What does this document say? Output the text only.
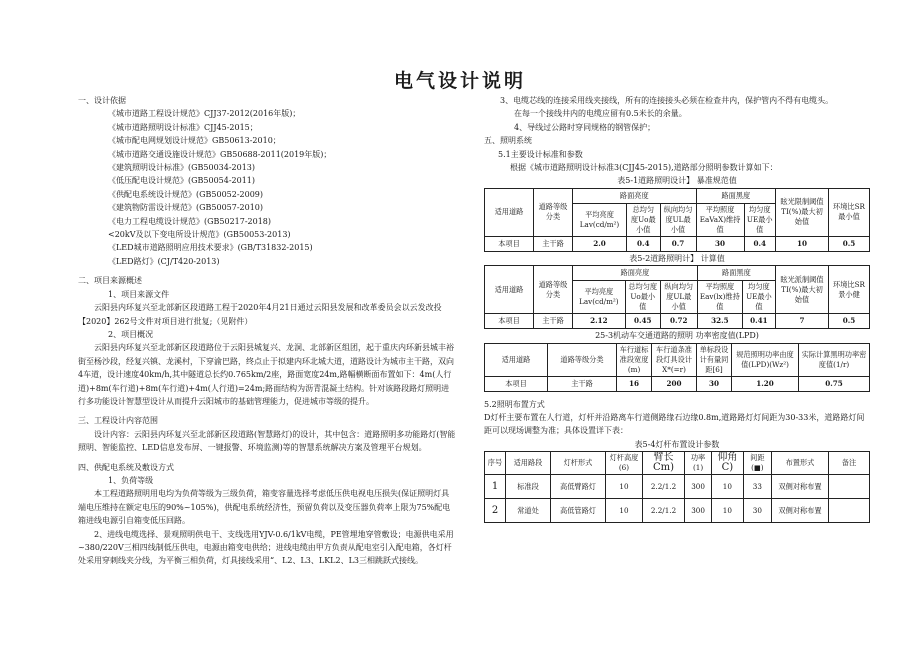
电气设计说明
一、设计依据
《城市道路工程设计规范》CJJ37-2012(2016年版)；
《城市道路照明设计标准》CJJ45-2015；
《城市配电网规划设计规范》GB50613-2010；
《城市道路交通设施设计规范》GB50688-2011(2019年版)；
《建筑照明设计标准》(GB50034-2013)
《低压配电设计规范》(GB50054-2011)
《供配电系统设计规范》(GB50052-2009)
《建筑物防雷设计规范》(GB50057-2010)
《电力工程电缆设计规范》(GB50217-2018)
<20kV及以下变电所设计规范》(GB50053-2013)
《LED城市道路照明应用技术要求》(GB/T31832-2015)
《LED路灯》(CJ/T420-2013)
二、项目来源概述
1、项目来源文件
云阳县内环复兴至北部新区段道路工程于2020年4月21日通过云阳县发展和改革委员会以云发改投【2020】262号文件对项目进行批复;（见附件）
2、项目概况
云阳县内环复兴至北部新区段道路位于云阳县城复兴、龙洞、北部新区组团，起于重庆内环新县城丰裕街至杨沙段，经复兴镇、龙溪村，下穿渝巴路，终点止于拟建内环北城大道，道路设计为城市主干路，双向4车道，设计速度40km/h,其中隧道总长约0.765km/2座，路面宽度24m,路幅横断面布置如下：4m(人行道)+8m(车行道)+8m(车行道)+4m(人行道)=24m;路面结构为沥青混凝土结构。针对该路段路灯照明进行多功能设计智慧型设计从而提升云阳城市的基础管理能力，促进城市等级的提升。
三、工程设计内容范围
设计内容：云阳县内环复兴至北部新区段道路(智慧路灯)的设计，其中包含：道路照明多功能路灯(智能照明、智能监控、LED信息发布屏、一键报警、环境监测)等的智慧系统解决方案及管理平台规划。
四、供配电系统及敷设方式
1、负荷等级
本工程道路照明用电均为负荷等级为三级负荷，箱变容量选择考虑低压供电视电压损失(保证照明灯具端电压维持在额定电压的90%~105%)，供配电系统经济性，预留负荷以及变压器负荷率上限为75%配电箱进线电源引自箱变低压回路。
2、进线电缆选择、景观照明供电干、支线选用YJV-0.6/1kV电缆，PE管埋地穿管敷设；电源供电采用~380/220V三相四线制低压供电，电源由箱变电供给；进线电缆由甲方负责从配电室引入配电箱，各灯杆处采用穿刺线夹分线，为平衡三相负荷，灯具接线采用“、L2、L3、LKL2、L3三相跳跃式接线。
3、电缆芯线的连接采用线夹接线，所有的连接接头必须在检查井内，保护管内不得有电缆头。
在每一个接线井内的电缆应留有0.5米长的余量。
4、导线过公路时穿同规格的钢管保护；
五、照明系统
5.1主要设计标准和参数
根据《城市道路照明设计标准3(CJJ45-2015),道路部分照明参数计算如下：
表5-1道路照明设计】 暴准规范值
适用道路	道路等级分类	路面亮度			路面黑度		眩光限制阈值TI(%)最大初始值	环境比SR最小值
		平均亮度Lav(cd/m²)	总均匀度Uo最小值	纵向均匀度UL最小值	平均照度EaVaX)维持值	均匀度UE最小值		
本项目	主干路	2.0	0.4	0.7	30	0.4	10	0.5
表5-2道路照明计】 计算值
适用道路	道路等级分类	路面亮度			路面黑度		眩光派制阈值TI(%)最大初始值	环境比SR景小健
		平均亮度Lav(cd/m²)	总均匀度Uo最小值	纵向均匀度UL最小值	平均照度Eav(lx)维持值	均匀度UE最小值		
本项目	主干路	2.12	0.45	0.72	32.5	0.41	7	0.5
25-3机动车交通道路的照明 功率密度值(LPD)
适用道路	道路等级分类	车行道标准段宽度(m)	车行道条准段灯具设计Ⅹ*(=r)	单标段设计有量同距[6]	规范照明功率由度值(LPD)(Wz²)	实际计算黑明功率密度值(1/r)
本项目	主干路	16	200	30	1.20	0.75
5.2照明布置方式
D灯杆主要布置在人行道，灯杆并沿路离车行道侧路缘石边缘0.8m,道路路灯灯间距为30-33米，道路路灯间距可以现场调整为准；具体设置详下表：
表5-4灯杆布置设计参数
序号	适用路段	灯杆形式	灯杆高度(6)	臂长Cm)	功率(1)	仰角C)	间距(■)	布置形式	备注
1	标准段	高低臂路灯	10	2.2/1.2	300	10	33	双侧对称布置	
2	常道处	高低管路灯	10	2.2/1.2	300	10	30	双侧对称布置	
